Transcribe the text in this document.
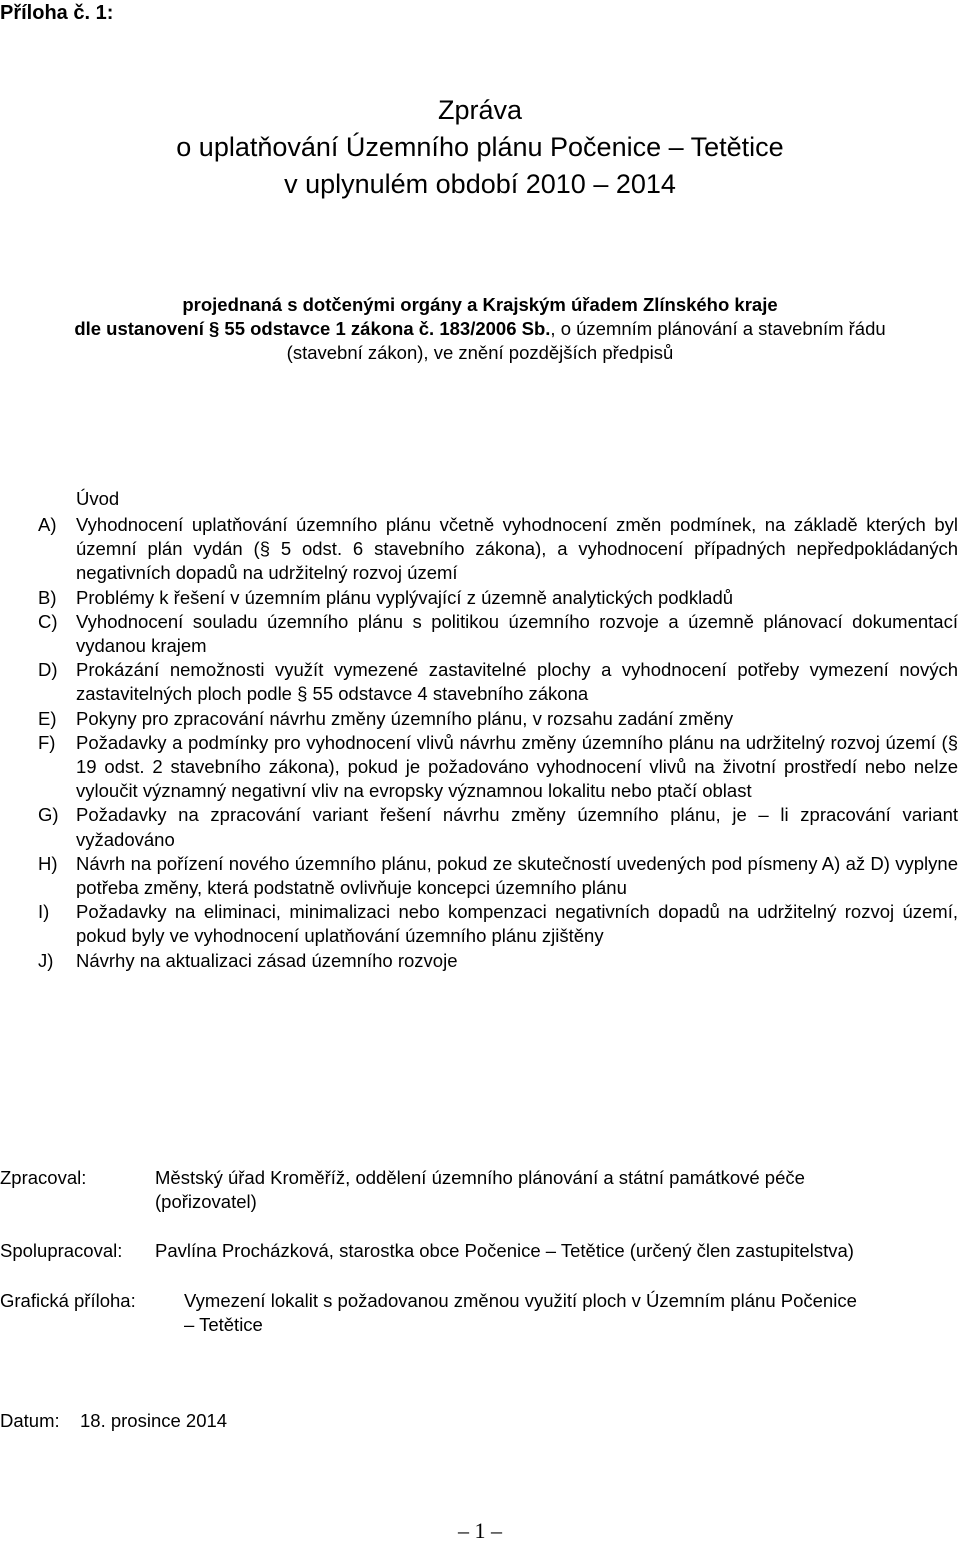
Příloha č. 1:
Zpráva
o uplatňování Územního plánu Počenice – Tetětice
v uplynulém období 2010 – 2014
projednaná s dotčenými orgány a Krajským úřadem Zlínského kraje
dle ustanovení § 55 odstavce 1 zákona č. 183/2006 Sb., o územním plánování a stavebním řádu
(stavební zákon), ve znění pozdějších předpisů
Úvod
A)	Vyhodnocení uplatňování územního plánu včetně vyhodnocení změn podmínek, na základě kterých byl územní plán vydán (§ 5 odst. 6 stavebního zákona), a vyhodnocení případných nepředpokládaných negativních dopadů na udržitelný rozvoj území
B)	Problémy k řešení v územním plánu vyplývající z územně analytických podkladů
C) Vyhodnocení souladu územního plánu s politikou územního rozvoje a územně plánovací dokumentací vydanou krajem
D) Prokázání nemožnosti využít vymezené zastavitelné plochy a vyhodnocení potřeby vymezení nových zastavitelných ploch podle § 55 odstavce 4 stavebního zákona
E)	Pokyny pro zpracování návrhu změny územního plánu, v rozsahu zadání změny
F)	Požadavky a podmínky pro vyhodnocení vlivů návrhu změny územního plánu na udržitelný rozvoj území (§ 19 odst. 2 stavebního zákona), pokud je požadováno vyhodnocení vlivů na životní prostředí nebo nelze vyloučit významný negativní vliv na evropsky významnou lokalitu nebo ptačí oblast
G) Požadavky na zpracování variant řešení návrhu změny územního plánu, je – li zpracování variant vyžadováno
H) Návrh na pořízení nového územního plánu, pokud ze skutečností uvedených pod písmeny A) až D) vyplyne potřeba změny, která podstatně ovlivňuje koncepci územního plánu
I)	Požadavky na eliminaci, minimalizaci nebo kompenzaci negativních dopadů na udržitelný rozvoj území, pokud byly ve vyhodnocení uplatňování územního plánu zjištěny
J)	Návrhy na aktualizaci zásad územního rozvoje
Zpracoval:	Městský úřad Kroměříž, oddělení územního plánování a státní památkové péče
(pořizovatel)
Spolupracoval: Pavlína Procházková, starostka obce Počenice – Tetětice (určený člen zastupitelstva)
Grafická příloha:	Vymezení lokalit s požadovanou změnou využití ploch v Územním plánu Počenice
– Tetětice
Datum: 18. prosince 2014
– 1 –
